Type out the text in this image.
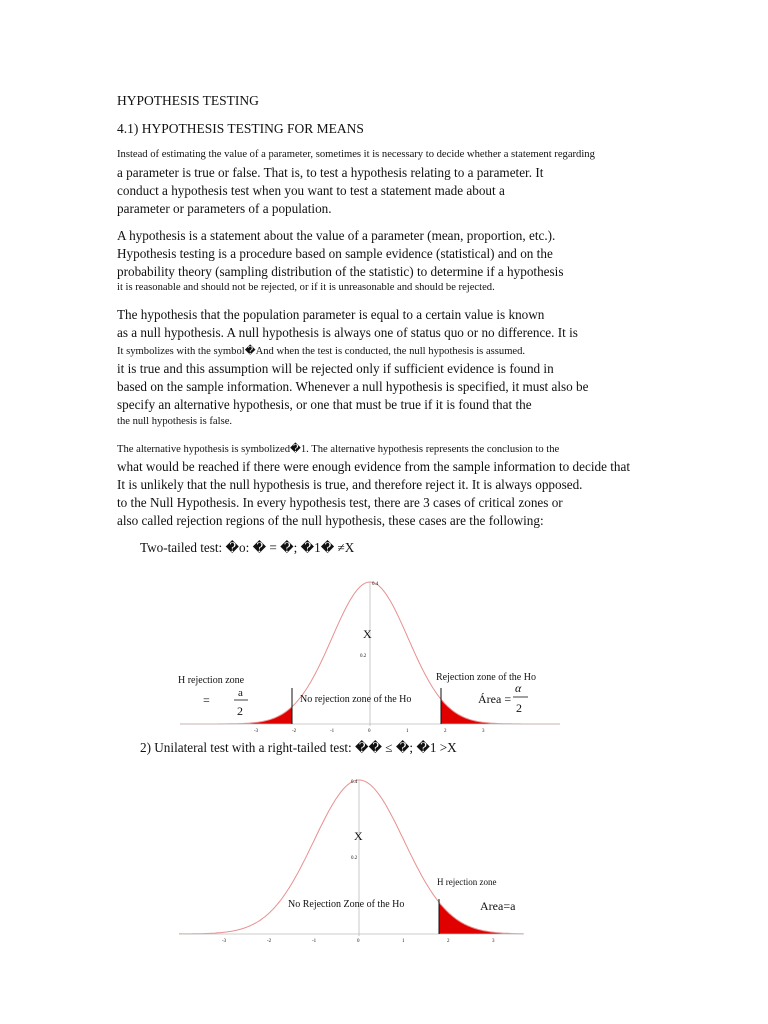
HYPOTHESIS TESTING
4.1) HYPOTHESIS TESTING FOR MEANS
Instead of estimating the value of a parameter, sometimes it is necessary to decide whether a statement regarding
a parameter is true or false. That is, to test a hypothesis relating to a parameter. It
conduct a hypothesis test when you want to test a statement made about a
parameter or parameters of a population.
A hypothesis is a statement about the value of a parameter (mean, proportion, etc.).
Hypothesis testing is a procedure based on sample evidence (statistical) and on the
probability theory (sampling distribution of the statistic) to determine if a hypothesis
it is reasonable and should not be rejected, or if it is unreasonable and should be rejected.
The hypothesis that the population parameter is equal to a certain value is known
as a null hypothesis. A null hypothesis is always one of status quo or no difference. It is
It symbolizes with the symbol�And when the test is conducted, the null hypothesis is assumed.
it is true and this assumption will be rejected only if sufficient evidence is found in
based on the sample information. Whenever a null hypothesis is specified, it must also be
specify an alternative hypothesis, or one that must be true if it is found that the
the null hypothesis is false.
The alternative hypothesis is symbolized�1. The alternative hypothesis represents the conclusion to the
what would be reached if there were enough evidence from the sample information to decide that
It is unlikely that the null hypothesis is true, and therefore reject it. It is always opposed.
to the Null Hypothesis. In every hypothesis test, there are 3 cases of critical zones or
also called rejection regions of the null hypothesis, these cases are the following:
Two-tailed test: �o: � = �; �1� ≠X
0.4
0.2
X
H rejection zone
=	a
2
No rejection zone of the Ho
Rejection zone of the Ho
Área =
α
2
-3	-2	-1	0	1	2	3
2) Unilateral test with a right-tailed test: �� ≤ �; �1 >X
0.4
0.2
X
No Rejection Zone of the Ho
H rejection zone
Area=a
-3	-2	-1	0	1	2	3
